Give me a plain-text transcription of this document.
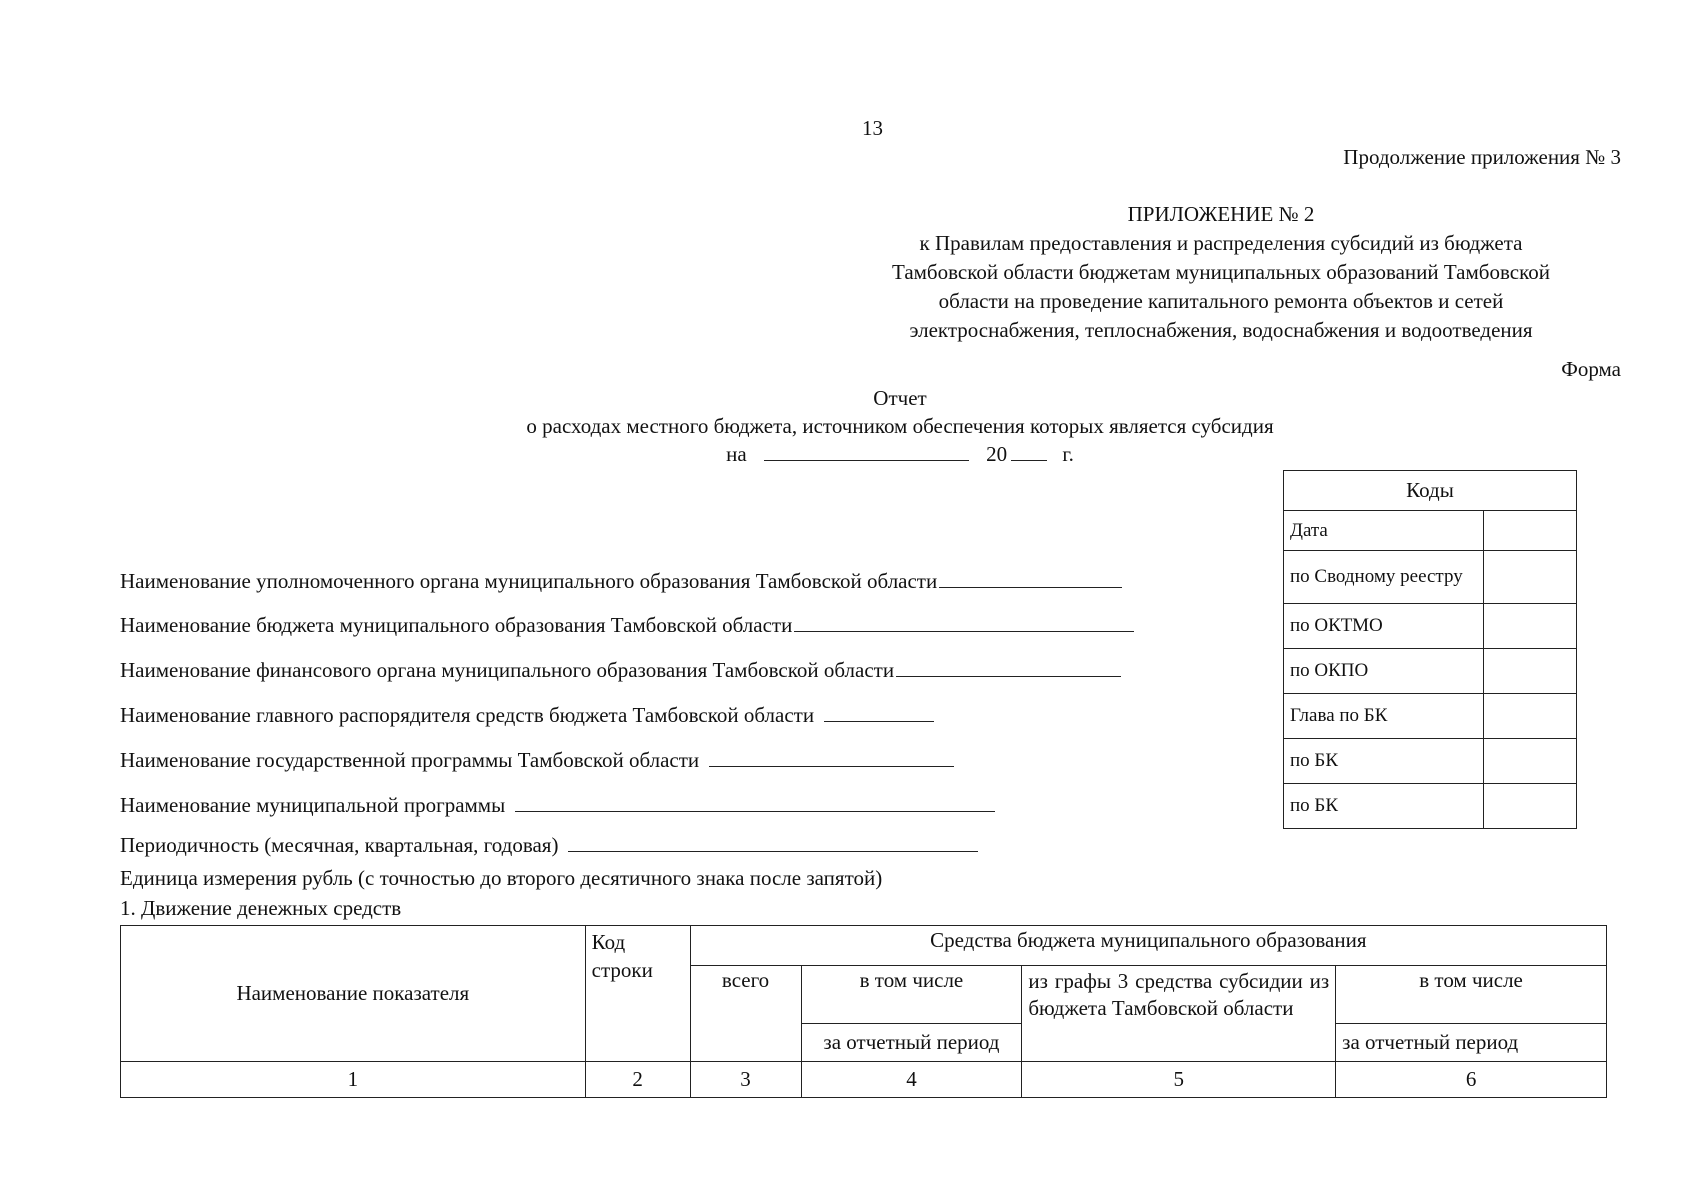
13
Продолжение приложения № 3
ПРИЛОЖЕНИЕ № 2
к Правилам предоставления и распределения субсидий из бюджета
Тамбовской области бюджетам муниципальных образований Тамбовской
области на проведение капитального ремонта объектов и сетей
электроснабжения, теплоснабжения, водоснабжения и водоотведения
Форма
Отчет
о расходах местного бюджета, источником обеспечения которых является субсидия
на	20	г.
Коды	
Дата	
по Сводному реестру	
по ОКТМО	
по ОКПО	
Глава по БК	
по БК	
по БК	
Наименование уполномоченного органа муниципального образования Тамбовской области
Наименование бюджета муниципального образования Тамбовской области
Наименование финансового органа муниципального образования Тамбовской области
Наименование главного распорядителя средств бюджета Тамбовской области
Наименование государственной программы Тамбовской области
Наименование муниципальной программы
Периодичность (месячная, квартальная, годовая)
Единица измерения рубль (с точностью до второго десятичного знака после запятой)
1. Движение денежных средств
Наименование показателя	Код строки	Средства бюджета муниципального образования			
		всего	в том числе	из графы 3 средства субсидии из бюджета Тамбовской области	в том числе
			за отчетный период		за отчетный период
1	2	3	4	5	6
